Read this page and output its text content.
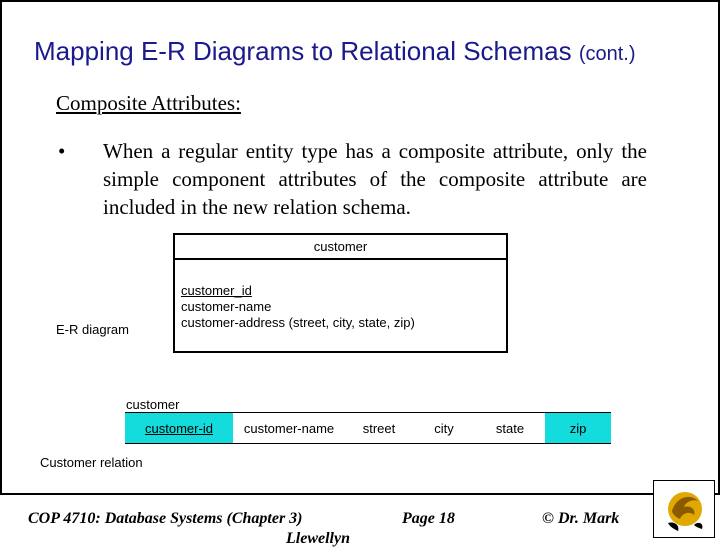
Mapping E-R Diagrams to Relational Schemas (cont.)
Composite Attributes:
• When a regular entity type has a composite attribute, only the simple component attributes of the composite attribute are included in the new relation schema.
customer
customer_id
customer-name
customer-address (street, city, state, zip)
E-R diagram
customer
customer-id	customer-name	street	city	state	zip
Customer relation
COP 4710: Database Systems (Chapter 3)	Page 18	© Dr. Mark
Llewellyn
